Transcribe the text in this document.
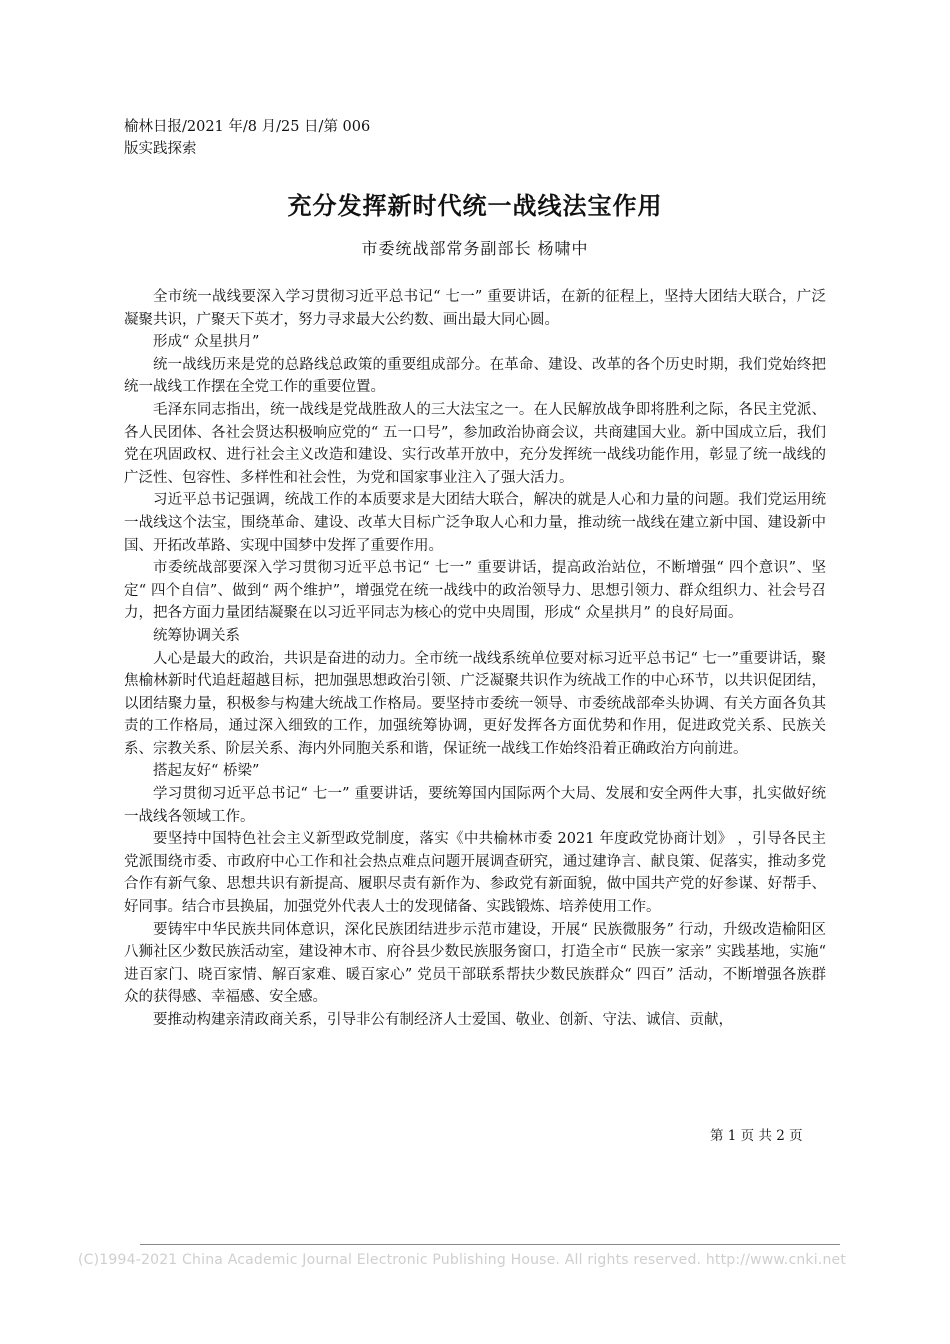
榆林日报/2021 年/8 月/25 日/第 006
版实践探索
充分发挥新时代统一战线法宝作用
市委统战部常务副部长 杨啸中

全市统一战线要深入学习贯彻习近平总书记“ 七一” 重要讲话，在新的征程上，坚持大团结大联合，广泛凝聚共识，广聚天下英才，努力寻求最大公约数、画出最大同心圆。

形成“ 众星拱月”

统一战线历来是党的总路线总政策的重要组成部分。在革命、建设、改革的各个历史时期，我们党始终把统一战线工作摆在全党工作的重要位置。

毛泽东同志指出，统一战线是党战胜敌人的三大法宝之一。在人民解放战争即将胜利之际，各民主党派、各人民团体、各社会贤达积极响应党的“ 五一口号”，参加政治协商会议，共商建国大业。新中国成立后，我们党在巩固政权、进行社会主义改造和建设、实行改革开放中，充分发挥统一战线功能作用，彰显了统一战线的广泛性、包容性、多样性和社会性，为党和国家事业注入了强大活力。

习近平总书记强调，统战工作的本质要求是大团结大联合，解决的就是人心和力量的问题。我们党运用统一战线这个法宝，围绕革命、建设、改革大目标广泛争取人心和力量，推动统一战线在建立新中国、建设新中国、开拓改革路、实现中国梦中发挥了重要作用。

市委统战部要深入学习贯彻习近平总书记“ 七一” 重要讲话，提高政治站位，不断增强“ 四个意识”、坚定“ 四个自信”、做到“ 两个维护”，增强党在统一战线中的政治领导力、思想引领力、群众组织力、社会号召力，把各方面力量团结凝聚在以习近平同志为核心的党中央周围，形成“ 众星拱月” 的良好局面。

统筹协调关系

人心是最大的政治，共识是奋进的动力。全市统一战线系统单位要对标习近平总书记“ 七一”重要讲话，聚焦榆林新时代追赶超越目标，把加强思想政治引领、广泛凝聚共识作为统战工作的中心环节，以共识促团结，以团结聚力量，积极参与构建大统战工作格局。要坚持市委统一领导、市委统战部牵头协调、有关方面各负其责的工作格局，通过深入细致的工作，加强统筹协调，更好发挥各方面优势和作用，促进政党关系、民族关系、宗教关系、阶层关系、海内外同胞关系和谐，保证统一战线工作始终沿着正确政治方向前进。

搭起友好“ 桥梁”

学习贯彻习近平总书记“ 七一” 重要讲话，要统筹国内国际两个大局、发展和安全两件大事，扎实做好统一战线各领域工作。

要坚持中国特色社会主义新型政党制度，落实《中共榆林市委 2021 年度政党协商计划》 ，引导各民主党派围绕市委、市政府中心工作和社会热点难点问题开展调查研究，通过建诤言、献良策、促落实，推动多党合作有新气象、思想共识有新提高、履职尽责有新作为、参政党有新面貌，做中国共产党的好参谋、好帮手、好同事。结合市县换届，加强党外代表人士的发现储备、实践锻炼、培养使用工作。

要铸牢中华民族共同体意识，深化民族团结进步示范市建设，开展“ 民族微服务” 行动，升级改造榆阳区八狮社区少数民族活动室，建设神木市、府谷县少数民族服务窗口，打造全市“ 民族一家亲” 实践基地，实施“ 进百家门、晓百家情、解百家难、暖百家心” 党员干部联系帮扶少数民族群众“ 四百” 活动，不断增强各族群众的获得感、幸福感、安全感。

要推动构建亲清政商关系，引导非公有制经济人士爱国、敬业、创新、守法、诚信、贡献，

第 1 页 共 2 页
(C)1994-2021 China Academic Journal Electronic Publishing House. All rights reserved. http://www.cnki.net
